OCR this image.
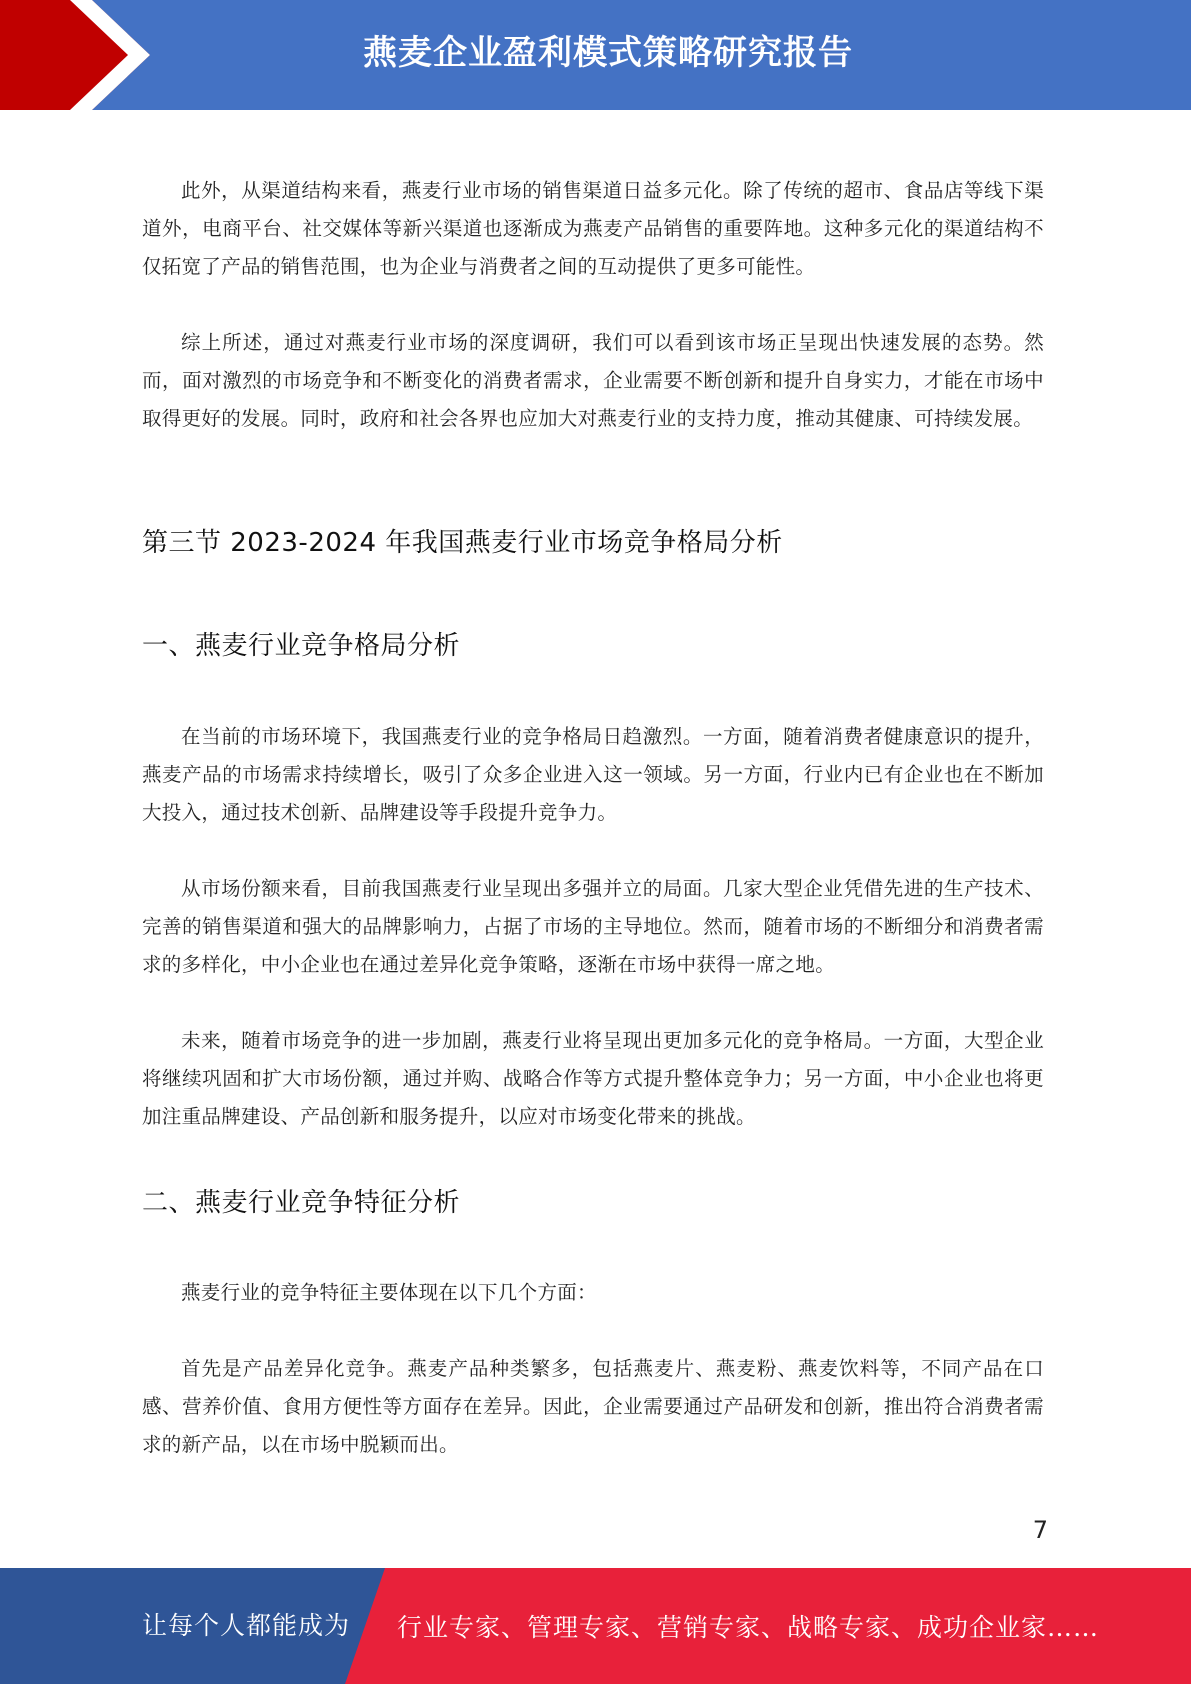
燕麦企业盈利模式策略研究报告

此外，从渠道结构来看，燕麦行业市场的销售渠道日益多元化。除了传统的超市、食品店等线下渠道外，电商平台、社交媒体等新兴渠道也逐渐成为燕麦产品销售的重要阵地。这种多元化的渠道结构不仅拓宽了产品的销售范围，也为企业与消费者之间的互动提供了更多可能性。

综上所述，通过对燕麦行业市场的深度调研，我们可以看到该市场正呈现出快速发展的态势。然而，面对激烈的市场竞争和不断变化的消费者需求，企业需要不断创新和提升自身实力，才能在市场中取得更好的发展。同时，政府和社会各界也应加大对燕麦行业的支持力度，推动其健康、可持续发展。

第三节 2023-2024 年我国燕麦行业市场竞争格局分析
一、燕麦行业竞争格局分析

在当前的市场环境下，我国燕麦行业的竞争格局日趋激烈。一方面，随着消费者健康意识的提升，燕麦产品的市场需求持续增长，吸引了众多企业进入这一领域。另一方面，行业内已有企业也在不断加大投入，通过技术创新、品牌建设等手段提升竞争力。

从市场份额来看，目前我国燕麦行业呈现出多强并立的局面。几家大型企业凭借先进的生产技术、完善的销售渠道和强大的品牌影响力，占据了市场的主导地位。然而，随着市场的不断细分和消费者需求的多样化，中小企业也在通过差异化竞争策略，逐渐在市场中获得一席之地。

未来，随着市场竞争的进一步加剧，燕麦行业将呈现出更加多元化的竞争格局。一方面，大型企业将继续巩固和扩大市场份额，通过并购、战略合作等方式提升整体竞争力；另一方面，中小企业也将更加注重品牌建设、产品创新和服务提升，以应对市场变化带来的挑战。

二、燕麦行业竞争特征分析

燕麦行业的竞争特征主要体现在以下几个方面：

首先是产品差异化竞争。燕麦产品种类繁多，包括燕麦片、燕麦粉、燕麦饮料等，不同产品在口感、营养价值、食用方便性等方面存在差异。因此，企业需要通过产品研发和创新，推出符合消费者需求的新产品，以在市场中脱颖而出。

7
让每个人都能成为 行业专家、管理专家、营销专家、战略专家、成功企业家……
